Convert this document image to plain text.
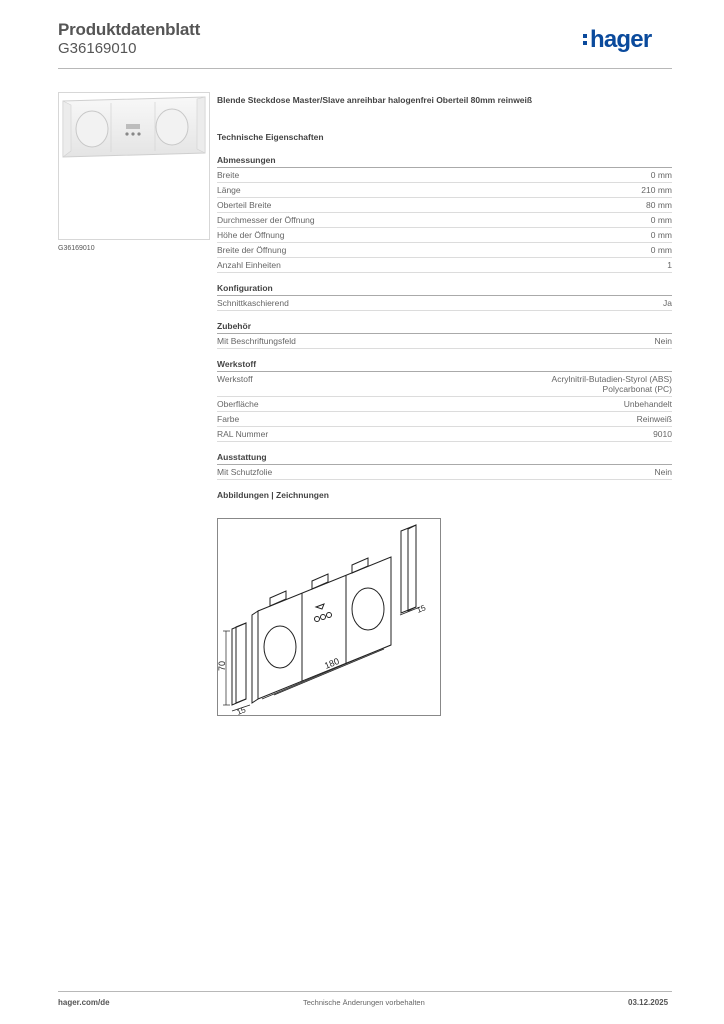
Produktdatenblatt
G36169010	hager
G36169010
Blende Steckdose Master/Slave anreihbar halogenfrei Oberteil 80mm reinweiß
Technische Eigenschaften
Abmessungen
Breite	0 mm
Länge	210 mm
Oberteil Breite	80 mm
Durchmesser der Öffnung	0 mm
Höhe der Öffnung	0 mm
Breite der Öffnung	0 mm
Anzahl Einheiten	1
Konfiguration
Schnittkaschierend	Ja
Zubehör
Mit Beschriftungsfeld	Nein
Werkstoff
Werkstoff	Acrylnitril-Butadien-Styrol (ABS)
Polycarbonat (PC)
Oberfläche	Unbehandelt
Farbe	Reinweiß
RAL Nummer	9010
Ausstattung
Mit Schutzfolie	Nein
Abbildungen | Zeichnungen
180
70
15
15
hager.com/de	Technische Änderungen vorbehalten	03.12.2025
